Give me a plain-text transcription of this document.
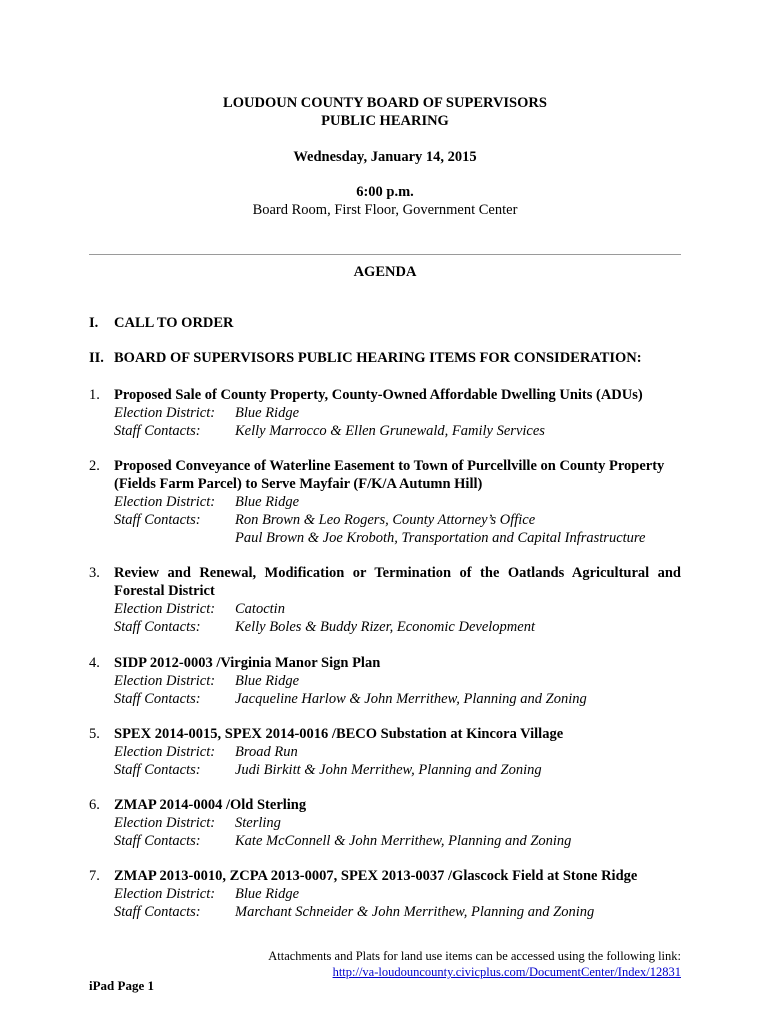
LOUDOUN COUNTY BOARD OF SUPERVISORS
PUBLIC HEARING
Wednesday, January 14, 2015
6:00 p.m.
Board Room, First Floor, Government Center
AGENDA
I. CALL TO ORDER
II. BOARD OF SUPERVISORS PUBLIC HEARING ITEMS FOR CONSIDERATION:
1. Proposed Sale of County Property, County-Owned Affordable Dwelling Units (ADUs)
Election District: Blue Ridge
Staff Contacts: Kelly Marrocco & Ellen Grunewald, Family Services
2. Proposed Conveyance of Waterline Easement to Town of Purcellville on County Property (Fields Farm Parcel) to Serve Mayfair (F/K/A Autumn Hill)
Election District: Blue Ridge
Staff Contacts: Ron Brown & Leo Rogers, County Attorney’s Office
Paul Brown & Joe Kroboth, Transportation and Capital Infrastructure
3. Review and Renewal, Modification or Termination of the Oatlands Agricultural and Forestal District
Election District: Catoctin
Staff Contacts: Kelly Boles & Buddy Rizer, Economic Development
4. SIDP 2012-0003 /Virginia Manor Sign Plan
Election District: Blue Ridge
Staff Contacts: Jacqueline Harlow & John Merrithew, Planning and Zoning
5. SPEX 2014-0015, SPEX 2014-0016 /BECO Substation at Kincora Village
Election District: Broad Run
Staff Contacts: Judi Birkitt & John Merrithew, Planning and Zoning
6. ZMAP 2014-0004 /Old Sterling
Election District: Sterling
Staff Contacts: Kate McConnell & John Merrithew, Planning and Zoning
7. ZMAP 2013-0010, ZCPA 2013-0007, SPEX 2013-0037 /Glascock Field at Stone Ridge
Election District: Blue Ridge
Staff Contacts: Marchant Schneider & John Merrithew, Planning and Zoning
Attachments and Plats for land use items can be accessed using the following link:
http://va-loudouncounty.civicplus.com/DocumentCenter/Index/12831
iPad Page 1
